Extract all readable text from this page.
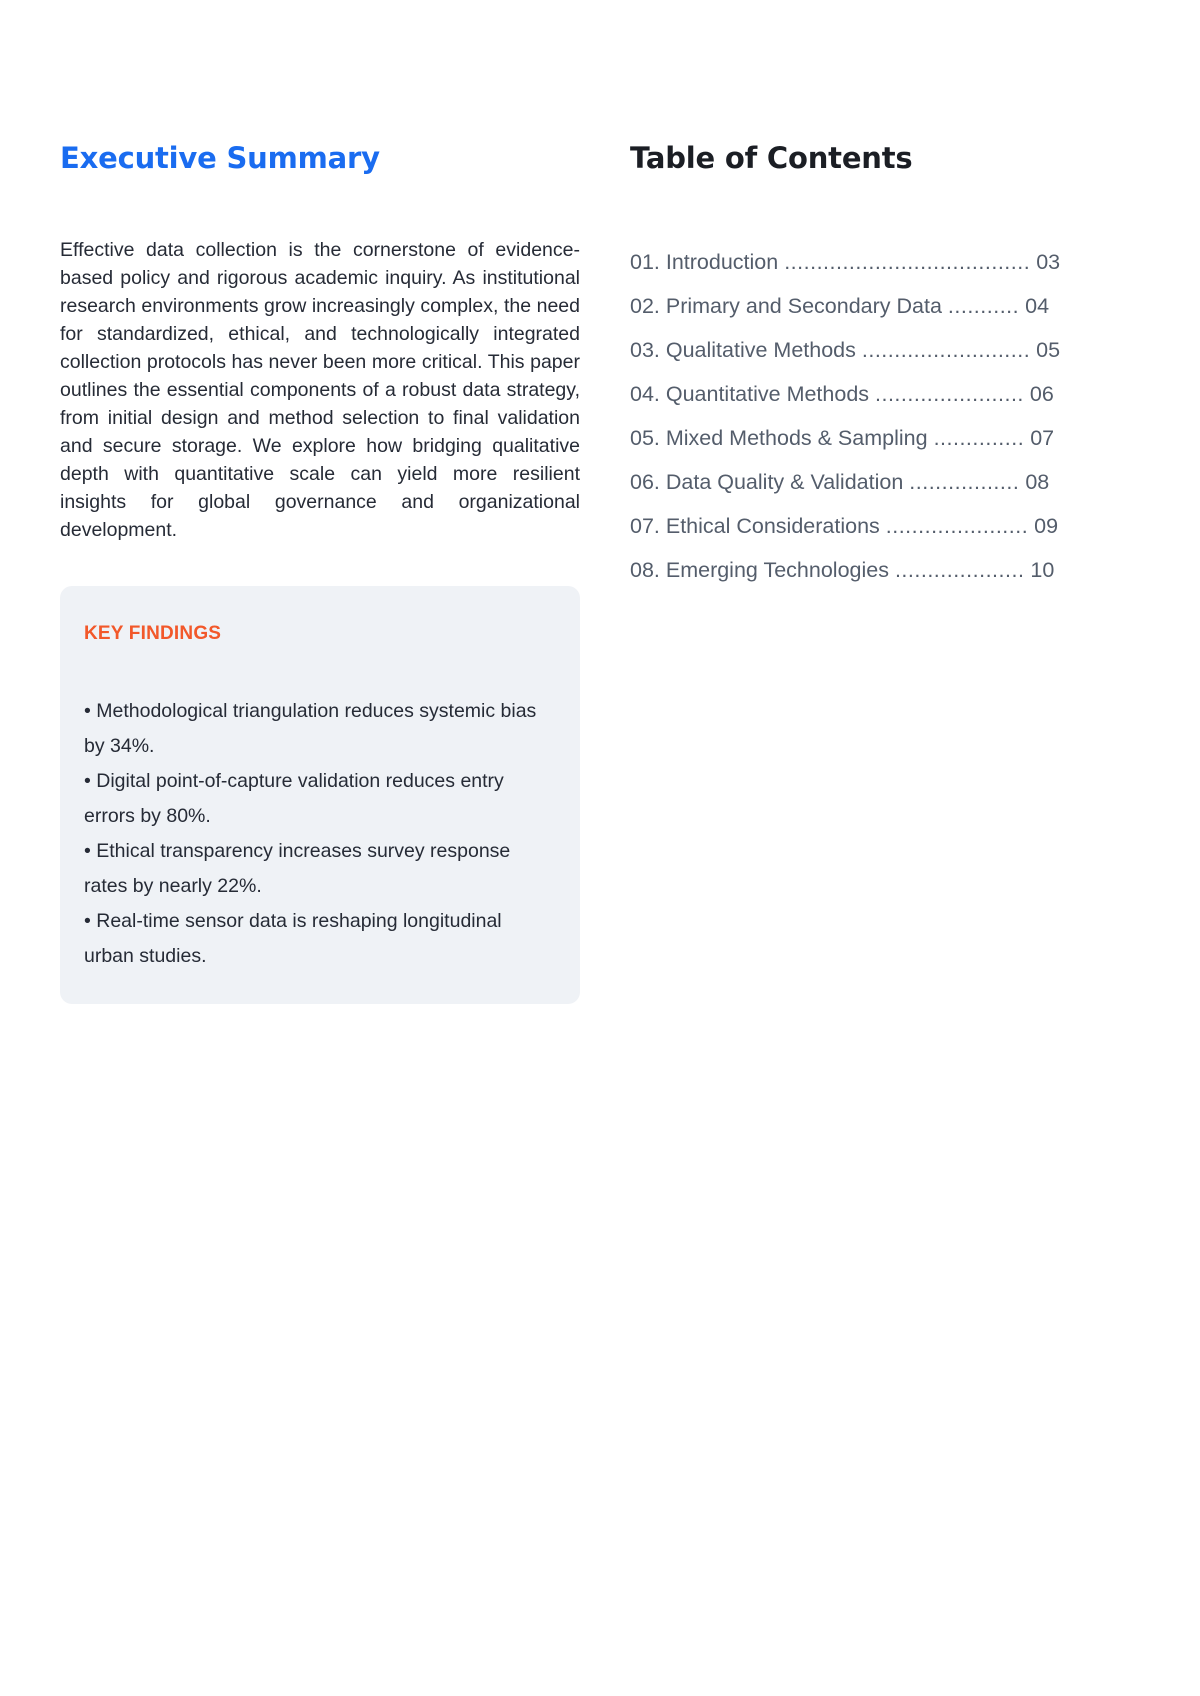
Executive Summary

Effective data collection is the cornerstone of evidence-based policy and rigorous academic inquiry. As institutional research environments grow increasingly complex, the need for standardized, ethical, and technologically integrated collection protocols has never been more critical. This paper outlines the essential components of a robust data strategy, from initial design and method selection to final validation and secure storage. We explore how bridging qualitative depth with quantitative scale can yield more resilient insights for global governance and organizational development.

KEY FINDINGS
• Methodological triangulation reduces systemic bias by 34%.
• Digital point-of-capture validation reduces entry errors by 80%.
• Ethical transparency increases survey response rates by nearly 22%.
• Real-time sensor data is reshaping longitudinal urban studies.
Table of Contents
01. Introduction ...................................... 03
02. Primary and Secondary Data ........... 04
03. Qualitative Methods .......................... 05
04. Quantitative Methods ....................... 06
05. Mixed Methods & Sampling .............. 07
06. Data Quality & Validation ................. 08
07. Ethical Considerations ...................... 09
08. Emerging Technologies .................... 10
